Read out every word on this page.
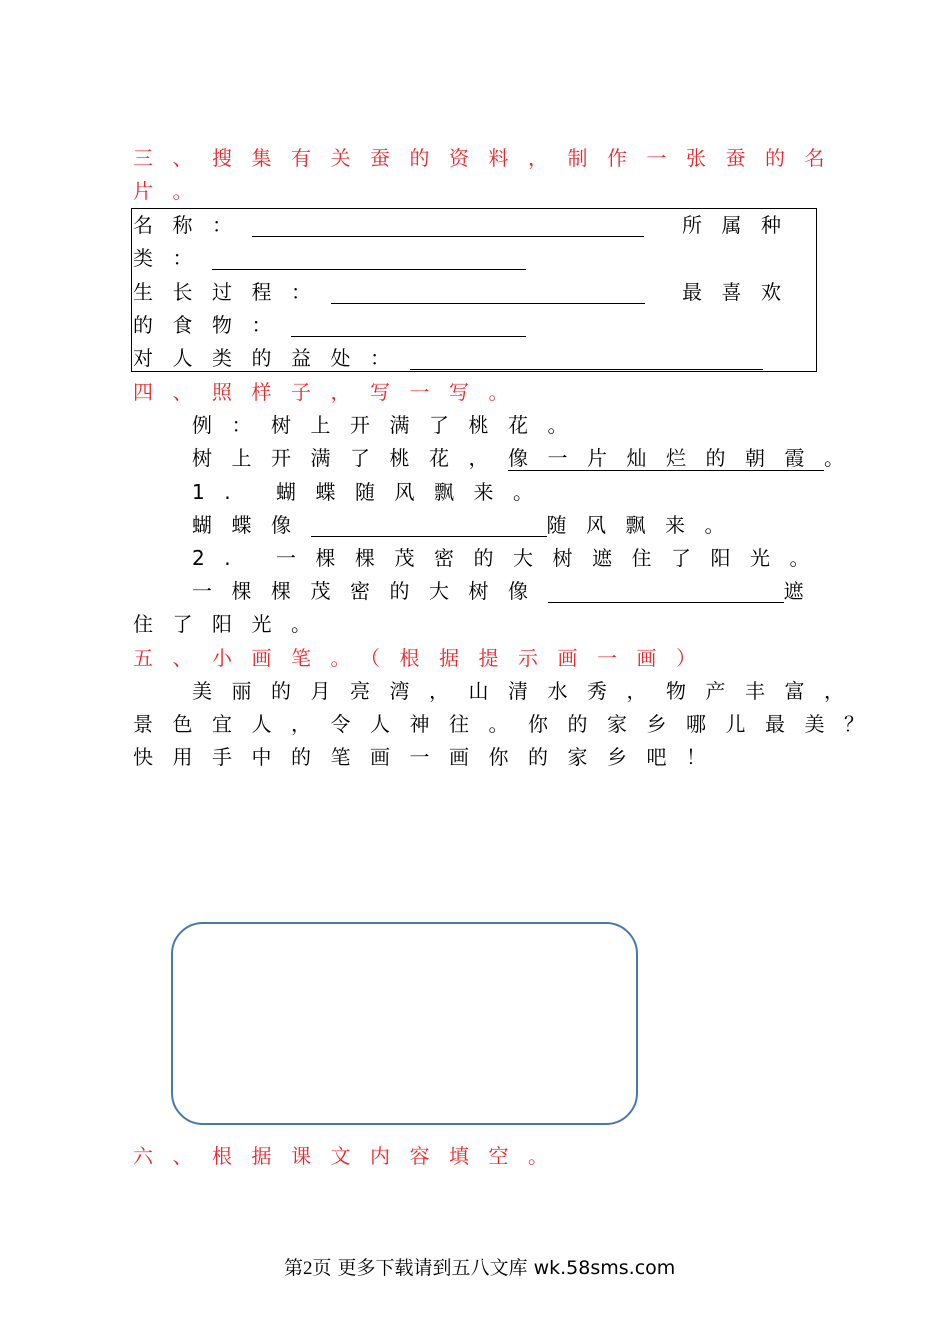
三、搜集有关蚕的资料，制作一张蚕的名
片。
名称：	所属种
类：
生长过程：	最喜欢
的食物：
对人类的益处：
四、照样子，写一写。
例：树上开满了桃花。
树上开满了桃花，像一片灿烂的朝霞。
1. 蝴蝶随风飘来。
蝴蝶像	随风飘来。
2. 一棵棵茂密的大树遮住了阳光。
一棵棵茂密的大树像	遮
住了阳光。
五、小画笔。（根据提示画一画）
美丽的月亮湾，山清水秀，物产丰富，
景色宜人，令人神往。你的家乡哪儿最美？
快用手中的笔画一画你的家乡吧！
六、根据课文内容填空。
第2页 更多下载请到五八文库 wk.58sms.com
